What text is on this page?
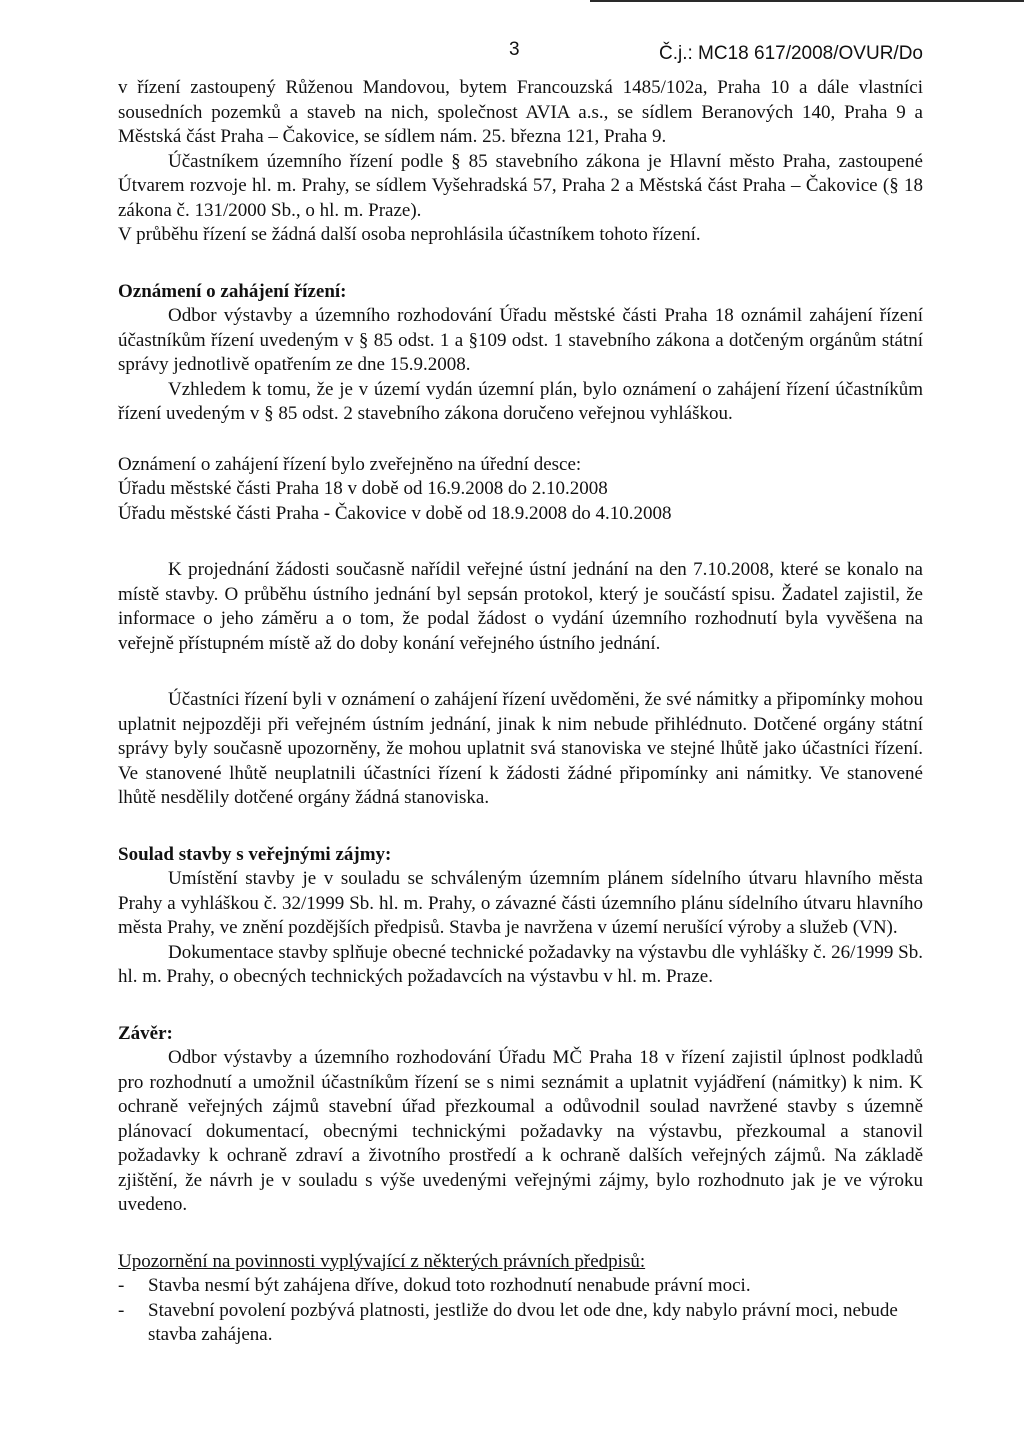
3	Č.j.: MC18 617/2008/OVUR/Do

v řízení zastoupený Růženou Mandovou, bytem Francouzská 1485/102a, Praha 10 a dále vlastníci sousedních pozemků a staveb na nich, společnost AVIA a.s., se sídlem Beranových 140, Praha 9 a Městská část Praha – Čakovice, se sídlem nám. 25. března 121, Praha 9.

Účastníkem územního řízení podle § 85 stavebního zákona je Hlavní město Praha, zastoupené Útvarem rozvoje hl. m. Prahy, se sídlem Vyšehradská 57, Praha 2 a Městská část Praha – Čakovice (§ 18 zákona č. 131/2000 Sb., o hl. m. Praze).

V průběhu řízení se žádná další osoba neprohlásila účastníkem tohoto řízení.

Oznámení o zahájení řízení:

Odbor výstavby a územního rozhodování Úřadu městské části Praha 18 oznámil zahájení řízení účastníkům řízení uvedeným v § 85 odst. 1 a §109 odst. 1 stavebního zákona a dotčeným orgánům státní správy jednotlivě opatřením ze dne 15.9.2008.

Vzhledem k tomu, že je v území vydán územní plán, bylo oznámení o zahájení řízení účastníkům řízení uvedeným v § 85 odst. 2 stavebního zákona doručeno veřejnou vyhláškou.

Oznámení o zahájení řízení bylo zveřejněno na úřední desce:

Úřadu městské části Praha 18 v době od 16.9.2008 do 2.10.2008

Úřadu městské části Praha - Čakovice v době od 18.9.2008 do 4.10.2008

K projednání žádosti současně nařídil veřejné ústní jednání na den 7.10.2008, které se konalo na místě stavby. O průběhu ústního jednání byl sepsán protokol, který je součástí spisu. Žadatel zajistil, že informace o jeho záměru a o tom, že podal žádost o vydání územního rozhodnutí byla vyvěšena na veřejně přístupném místě až do doby konání veřejného ústního jednání.

Účastníci řízení byli v oznámení o zahájení řízení uvědoměni, že své námitky a připomínky mohou uplatnit nejpozději při veřejném ústním jednání, jinak k nim nebude přihlédnuto. Dotčené orgány státní správy byly současně upozorněny, že mohou uplatnit svá stanoviska ve stejné lhůtě jako účastníci řízení. Ve stanovené lhůtě neuplatnili účastníci řízení k žádosti žádné připomínky ani námitky. Ve stanovené lhůtě nesdělily dotčené orgány žádná stanoviska.

Soulad stavby s veřejnými zájmy:

Umístění stavby je v souladu se schváleným územním plánem sídelního útvaru hlavního města Prahy a vyhláškou č. 32/1999 Sb. hl. m. Prahy, o závazné části územního plánu sídelního útvaru hlavního města Prahy, ve znění pozdějších předpisů. Stavba je navržena v území nerušící výroby a služeb (VN).

Dokumentace stavby splňuje obecné technické požadavky na výstavbu dle vyhlášky č. 26/1999 Sb. hl. m. Prahy, o obecných technických požadavcích na výstavbu v hl. m. Praze.

Závěr:

Odbor výstavby a územního rozhodování Úřadu MČ Praha 18 v řízení zajistil úplnost podkladů pro rozhodnutí a umožnil účastníkům řízení se s nimi seznámit a uplatnit vyjádření (námitky) k nim. K ochraně veřejných zájmů stavební úřad přezkoumal a odůvodnil soulad navržené stavby s územně plánovací dokumentací, obecnými technickými požadavky na výstavbu, přezkoumal a stanovil požadavky k ochraně zdraví a životního prostředí a k ochraně dalších veřejných zájmů. Na základě zjištění, že návrh je v souladu s výše uvedenými veřejnými zájmy, bylo rozhodnuto jak je ve výroku uvedeno.

Upozornění na povinnosti vyplývající z některých právních předpisů:

- Stavba nesmí být zahájena dříve, dokud toto rozhodnutí nenabude právní moci.
- Stavební povolení pozbývá platnosti, jestliže do dvou let ode dne, kdy nabylo právní moci, nebude stavba zahájena.
